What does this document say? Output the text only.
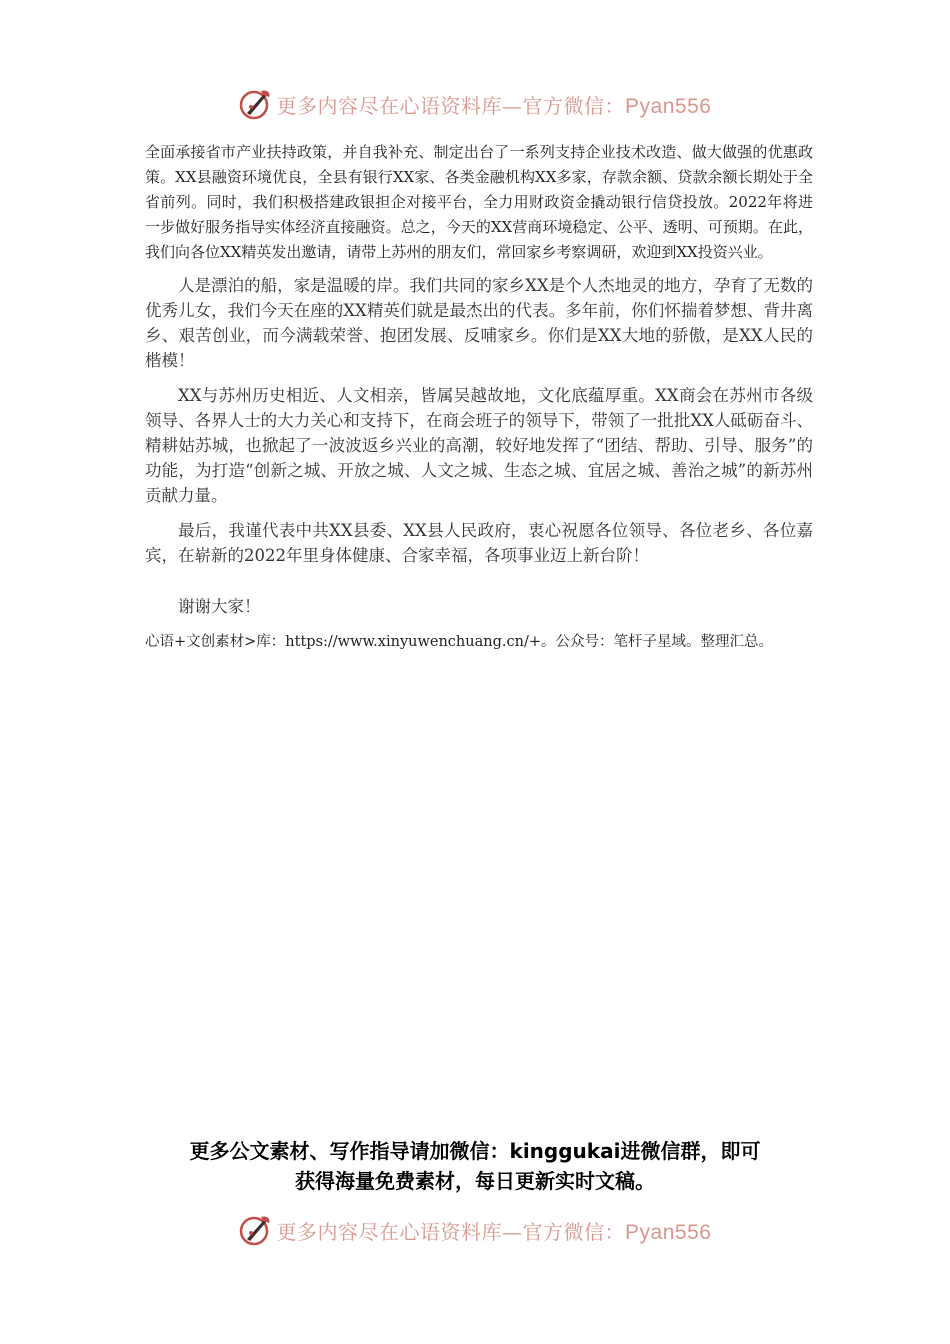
更多内容尽在心语资料库—官方微信：Pyan556

全面承接省市产业扶持政策，并自我补充、制定出台了一系列支持企业技术改造、做大做强的优惠政策。XX县融资环境优良，全县有银行XX家、各类金融机构XX多家，存款余额、贷款余额长期处于全省前列。同时，我们积极搭建政银担企对接平台，全力用财政资金撬动银行信贷投放。2022年将进一步做好服务指导实体经济直接融资。总之，今天的XX营商环境稳定、公平、透明、可预期。在此，我们向各位XX精英发出邀请，请带上苏州的朋友们，常回家乡考察调研，欢迎到XX投资兴业。

人是漂泊的船，家是温暖的岸。我们共同的家乡XX是个人杰地灵的地方，孕育了无数的优秀儿女，我们今天在座的XX精英们就是最杰出的代表。多年前，你们怀揣着梦想、背井离乡、艰苦创业，而今满载荣誉、抱团发展、反哺家乡。你们是XX大地的骄傲，是XX人民的楷模！

XX与苏州历史相近、人文相亲，皆属吴越故地，文化底蕴厚重。XX商会在苏州市各级领导、各界人士的大力关心和支持下，在商会班子的领导下，带领了一批批XX人砥砺奋斗、精耕姑苏城，也掀起了一波波返乡兴业的高潮，较好地发挥了“团结、帮助、引导、服务”的功能，为打造“创新之城、开放之城、人文之城、生态之城、宜居之城、善治之城”的新苏州贡献力量。

最后，我谨代表中共XX县委、XX县人民政府，衷心祝愿各位领导、各位老乡、各位嘉宾，在崭新的2022年里身体健康、合家幸福，各项事业迈上新台阶！

谢谢大家！

心语+文创素材>库：https://www.xinyuwenchuang.cn/+。公众号：笔杆子星域。整理汇总。

更多公文素材、写作指导请加微信：kinggukai进微信群，即可
获得海量免费素材，每日更新实时文稿。
更多内容尽在心语资料库—官方微信：Pyan556
